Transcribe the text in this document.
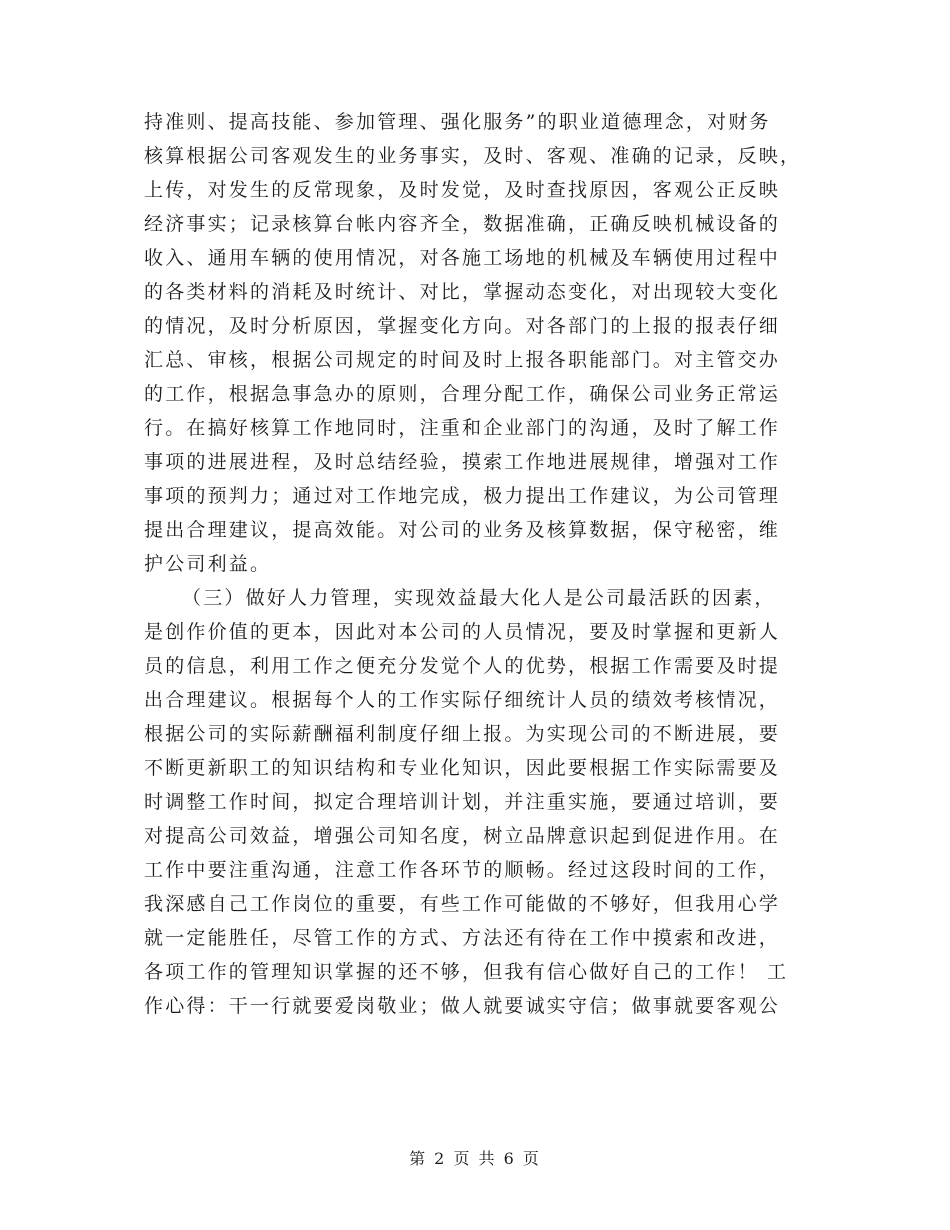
持准则、提高技能、参加管理、强化服务”的职业道德理念，对财务
核算根据公司客观发生的业务事实，及时、客观、准确的记录，反映，
上传，对发生的反常现象，及时发觉，及时查找原因，客观公正反映
经济事实；记录核算台帐内容齐全，数据准确，正确反映机械设备的
收入、通用车辆的使用情况，对各施工场地的机械及车辆使用过程中
的各类材料的消耗及时统计、对比，掌握动态变化，对出现较大变化
的情况，及时分析原因，掌握变化方向。对各部门的上报的报表仔细
汇总、审核，根据公司规定的时间及时上报各职能部门。对主管交办
的工作，根据急事急办的原则，合理分配工作，确保公司业务正常运
行。在搞好核算工作地同时，注重和企业部门的沟通，及时了解工作
事项的进展进程，及时总结经验，摸索工作地进展规律，增强对工作
事项的预判力；通过对工作地完成，极力提出工作建议，为公司管理
提出合理建议，提高效能。对公司的业务及核算数据，保守秘密，维
护公司利益。
（三）做好人力管理，实现效益最大化人是公司最活跃的因素，
是创作价值的更本，因此对本公司的人员情况，要及时掌握和更新人
员的信息，利用工作之便充分发觉个人的优势，根据工作需要及时提
出合理建议。根据每个人的工作实际仔细统计人员的绩效考核情况，
根据公司的实际薪酬福利制度仔细上报。为实现公司的不断进展，要
不断更新职工的知识结构和专业化知识，因此要根据工作实际需要及
时调整工作时间，拟定合理培训计划，并注重实施，要通过培训，要
对提高公司效益，增强公司知名度，树立品牌意识起到促进作用。在
工作中要注重沟通，注意工作各环节的顺畅。经过这段时间的工作，
我深感自己工作岗位的重要，有些工作可能做的不够好，但我用心学
就一定能胜任，尽管工作的方式、方法还有待在工作中摸索和改进，
各项工作的管理知识掌握的还不够，但我有信心做好自己的工作！ 工
作心得：干一行就要爱岗敬业；做人就要诚实守信；做事就要客观公
第 2 页 共 6 页
